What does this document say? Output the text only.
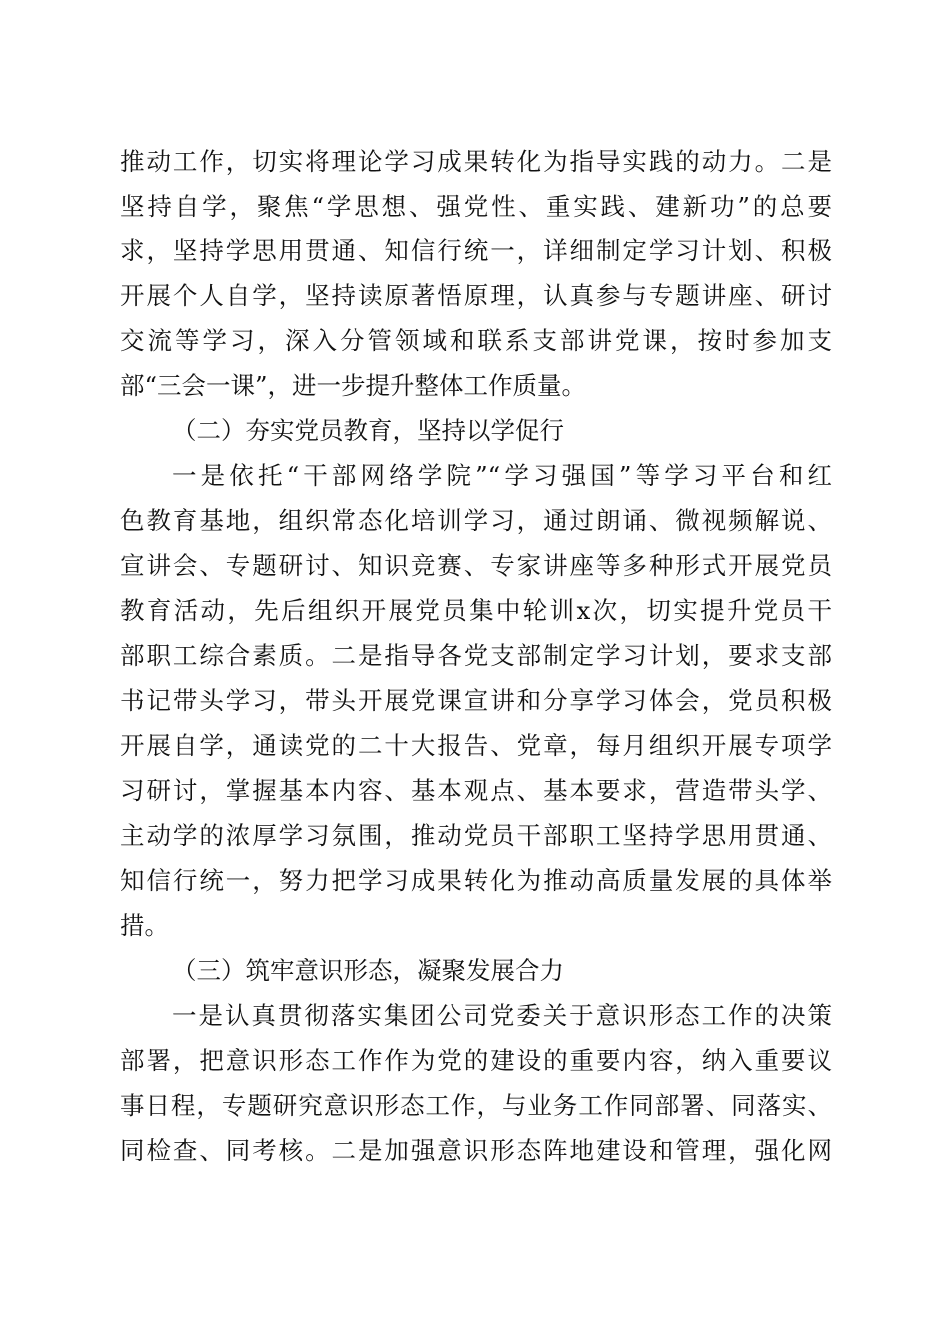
推动工作，切实将理论学习成果转化为指导实践的动力。二是
坚持自学，聚焦“学思想、强党性、重实践、建新功”的总要
求，坚持学思用贯通、知信行统一，详细制定学习计划、积极
开展个人自学，坚持读原著悟原理，认真参与专题讲座、研讨
交流等学习，深入分管领域和联系支部讲党课，按时参加支
部“三会一课”，进一步提升整体工作质量。
（二）夯实党员教育，坚持以学促行
一是依托“干部网络学院”“学习强国”等学习平台和红
色教育基地，组织常态化培训学习，通过朗诵、微视频解说、
宣讲会、专题研讨、知识竞赛、专家讲座等多种形式开展党员
教育活动，先后组织开展党员集中轮训x次，切实提升党员干
部职工综合素质。二是指导各党支部制定学习计划，要求支部
书记带头学习，带头开展党课宣讲和分享学习体会，党员积极
开展自学，通读党的二十大报告、党章，每月组织开展专项学
习研讨，掌握基本内容、基本观点、基本要求，营造带头学、
主动学的浓厚学习氛围，推动党员干部职工坚持学思用贯通、
知信行统一，努力把学习成果转化为推动高质量发展的具体举
措。
（三）筑牢意识形态，凝聚发展合力
一是认真贯彻落实集团公司党委关于意识形态工作的决策
部署，把意识形态工作作为党的建设的重要内容，纳入重要议
事日程，专题研究意识形态工作，与业务工作同部署、同落实、
同检查、同考核。二是加强意识形态阵地建设和管理，强化网
